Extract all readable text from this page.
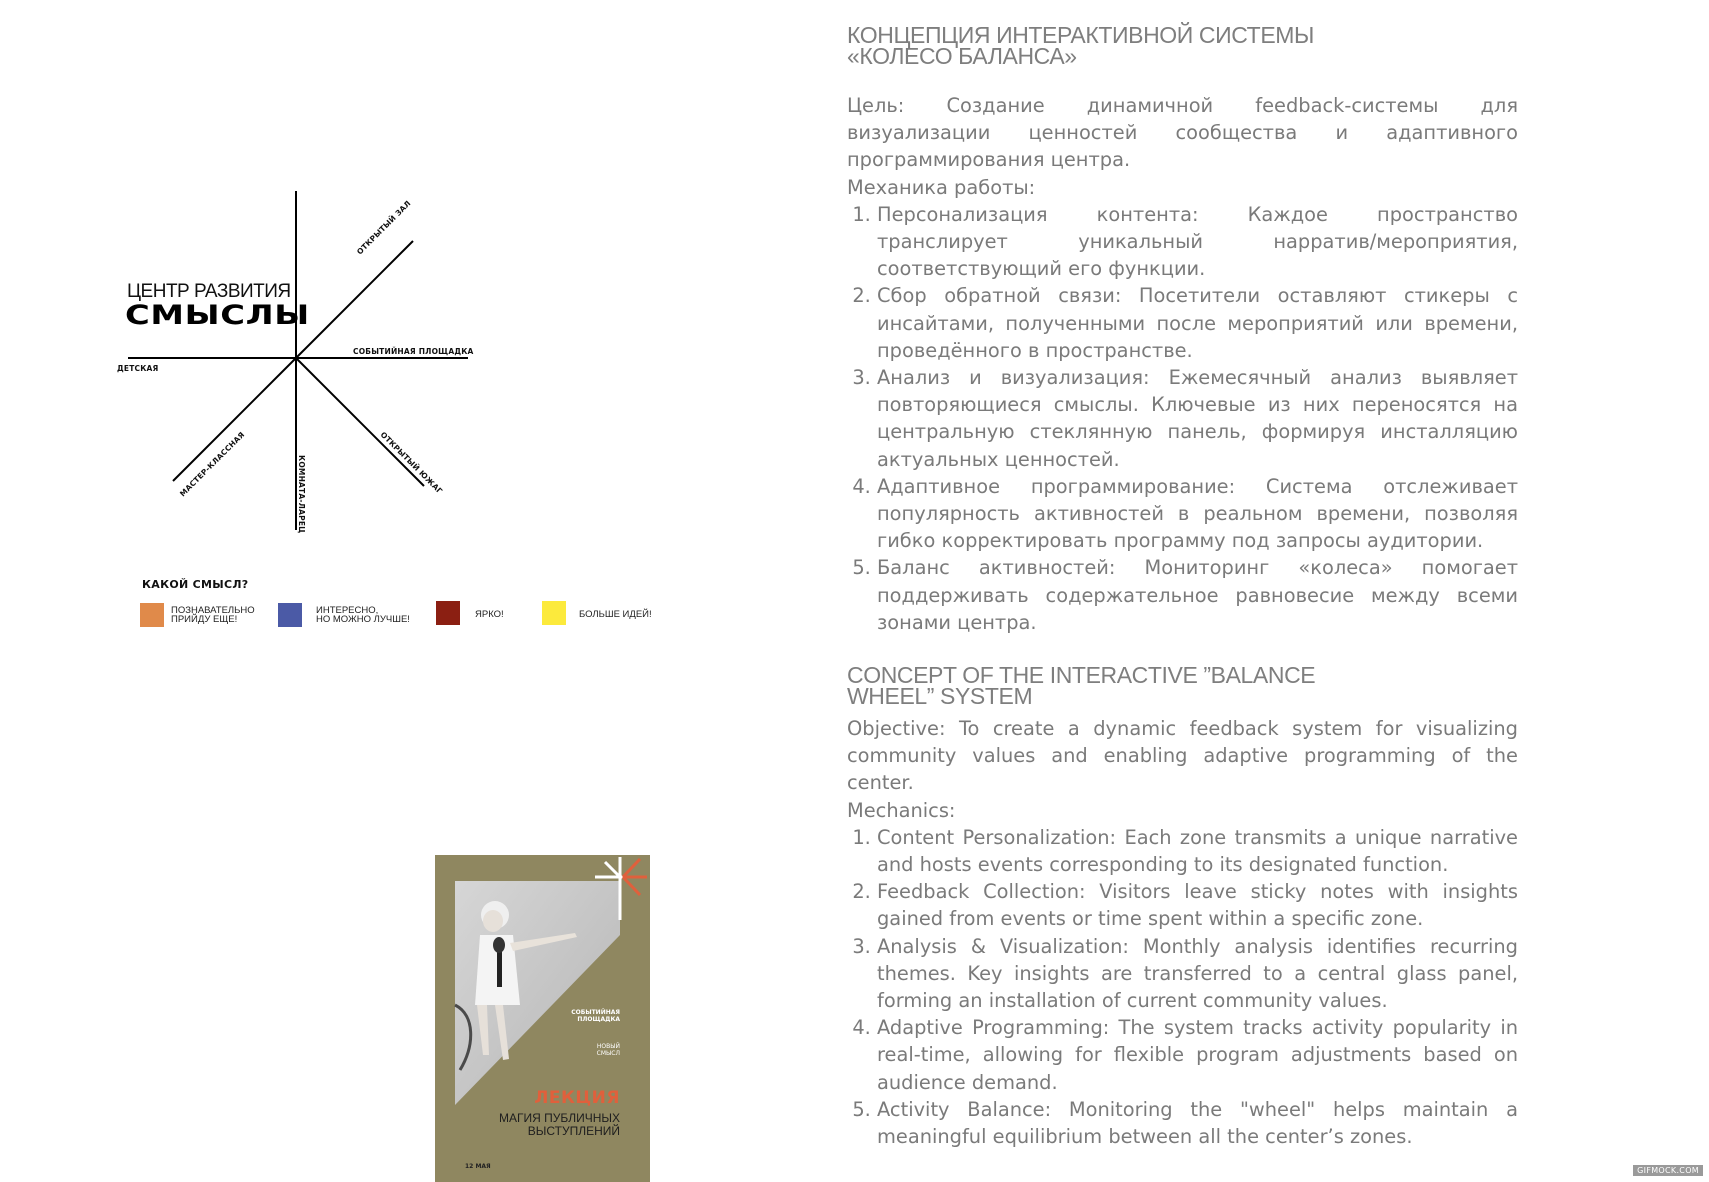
ЦЕНТР РАЗВИТИЯ
СМЫСЛЫ
ОТКРЫТЫЙ ЗАЛ
СОБЫТИЙНАЯ ПЛОЩАДКА
ДЕТСКАЯ
МАСТЕР-КЛАССНАЯ	КОМНАТА-ЛАРЕЦ	ОТКРЫТЫЙ ЮЖАГ
КАКОЙ СМЫСЛ?
ПОЗНАВАТЕЛЬНО
ПРИЙДУ ЕЩЕ!
ИНТЕРЕСНО,
НО МОЖНО ЛУЧШЕ!	ЯРКО!	БОЛЬШЕ ИДЕЙ!
СОБЫТИЙНАЯ
ПЛОЩАДКА
НОВЫЙ
СМЫСЛ
ЛЕКЦИЯ
МАГИЯ ПУБЛИЧНЫХ
ВЫСТУПЛЕНИЙ
12 МАЯ
КОНЦЕПЦИЯ ИНТЕРАКТИВНОЙ СИСТЕМЫ
«КОЛЕСО БАЛАНСА»

Цель: Создание динамичной feedback-системы для визуализации ценностей сообщества и адаптивного программирования центра.

Механика работы:

1. Персонализация контента: Каждое пространство транслирует уникальный нарратив/мероприятия, соответствующий его функции.
2. Сбор обратной связи: Посетители оставляют стикеры с инсайтами, полученными после мероприятий или времени, проведённого в пространстве.
3. Анализ и визуализация: Ежемесячный анализ выявляет повторяющиеся смыслы. Ключевые из них переносятся на центральную стеклянную панель, формируя инсталляцию актуальных ценностей.
4. Адаптивное программирование: Система отслеживает популярность активностей в реальном времени, позволяя гибко корректировать программу под запросы аудитории.
5. Баланс активностей: Мониторинг «колеса» помогает поддерживать содержательное равновесие между всеми зонами центра.
CONCEPT OF THE INTERACTIVE ”BALANCE
WHEEL” SYSTEM

Objective: To create a dynamic feedback system for visualizing community values and enabling adaptive programming of the center.

Mechanics:

1. Content Personalization: Each zone transmits a unique narrative and hosts events corresponding to its designated function.
2. Feedback Collection: Visitors leave sticky notes with insights gained from events or time spent within a specific zone.
3. Analysis & Visualization: Monthly analysis identifies recurring themes. Key insights are transferred to a central glass panel, forming an installation of current community values.
4. Adaptive Programming: The system tracks activity popularity in real-time, allowing for flexible program adjustments based on audience demand.
5. Activity Balance: Monitoring the "wheel" helps maintain a meaningful equilibrium between all the center’s zones.
GIFMOCK.COM
